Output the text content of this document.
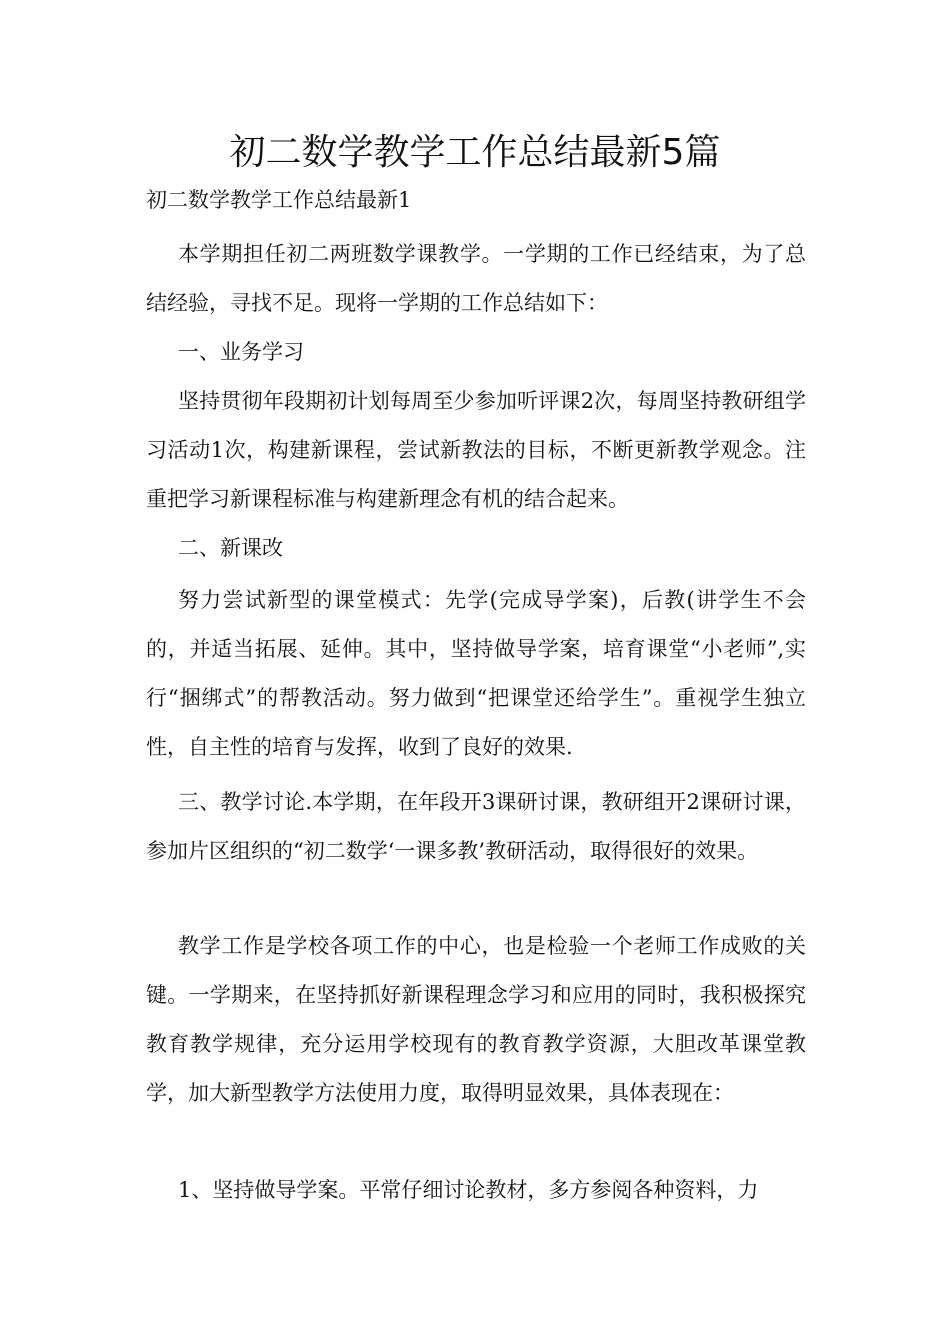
初二数学教学工作总结最新5篇

初二数学教学工作总结最新1

本学期担任初二两班数学课教学。一学期的工作已经结束，为了总结经验，寻找不足。现将一学期的工作总结如下：

一、业务学习

坚持贯彻年段期初计划每周至少参加听评课2次，每周坚持教研组学习活动1次，构建新课程，尝试新教法的目标，不断更新教学观念。注重把学习新课程标准与构建新理念有机的结合起来。

二、新课改

努力尝试新型的课堂模式：先学(完成导学案)，后教(讲学生不会的，并适当拓展、延伸。其中，坚持做导学案，培育课堂“小老师”,实行“捆绑式”的帮教活动。努力做到“把课堂还给学生”。重视学生独立性，自主性的培育与发挥，收到了良好的效果.

三、教学讨论.本学期，在年段开3课研讨课，教研组开2课研讨课，参加片区组织的“初二数学‘一课多教’教研活动，取得很好的效果。

教学工作是学校各项工作的中心，也是检验一个老师工作成败的关键。一学期来，在坚持抓好新课程理念学习和应用的同时，我积极探究教育教学规律，充分运用学校现有的教育教学资源，大胆改革课堂教学，加大新型教学方法使用力度，取得明显效果，具体表现在：

1、坚持做导学案。平常仔细讨论教材，多方参阅各种资料，力
